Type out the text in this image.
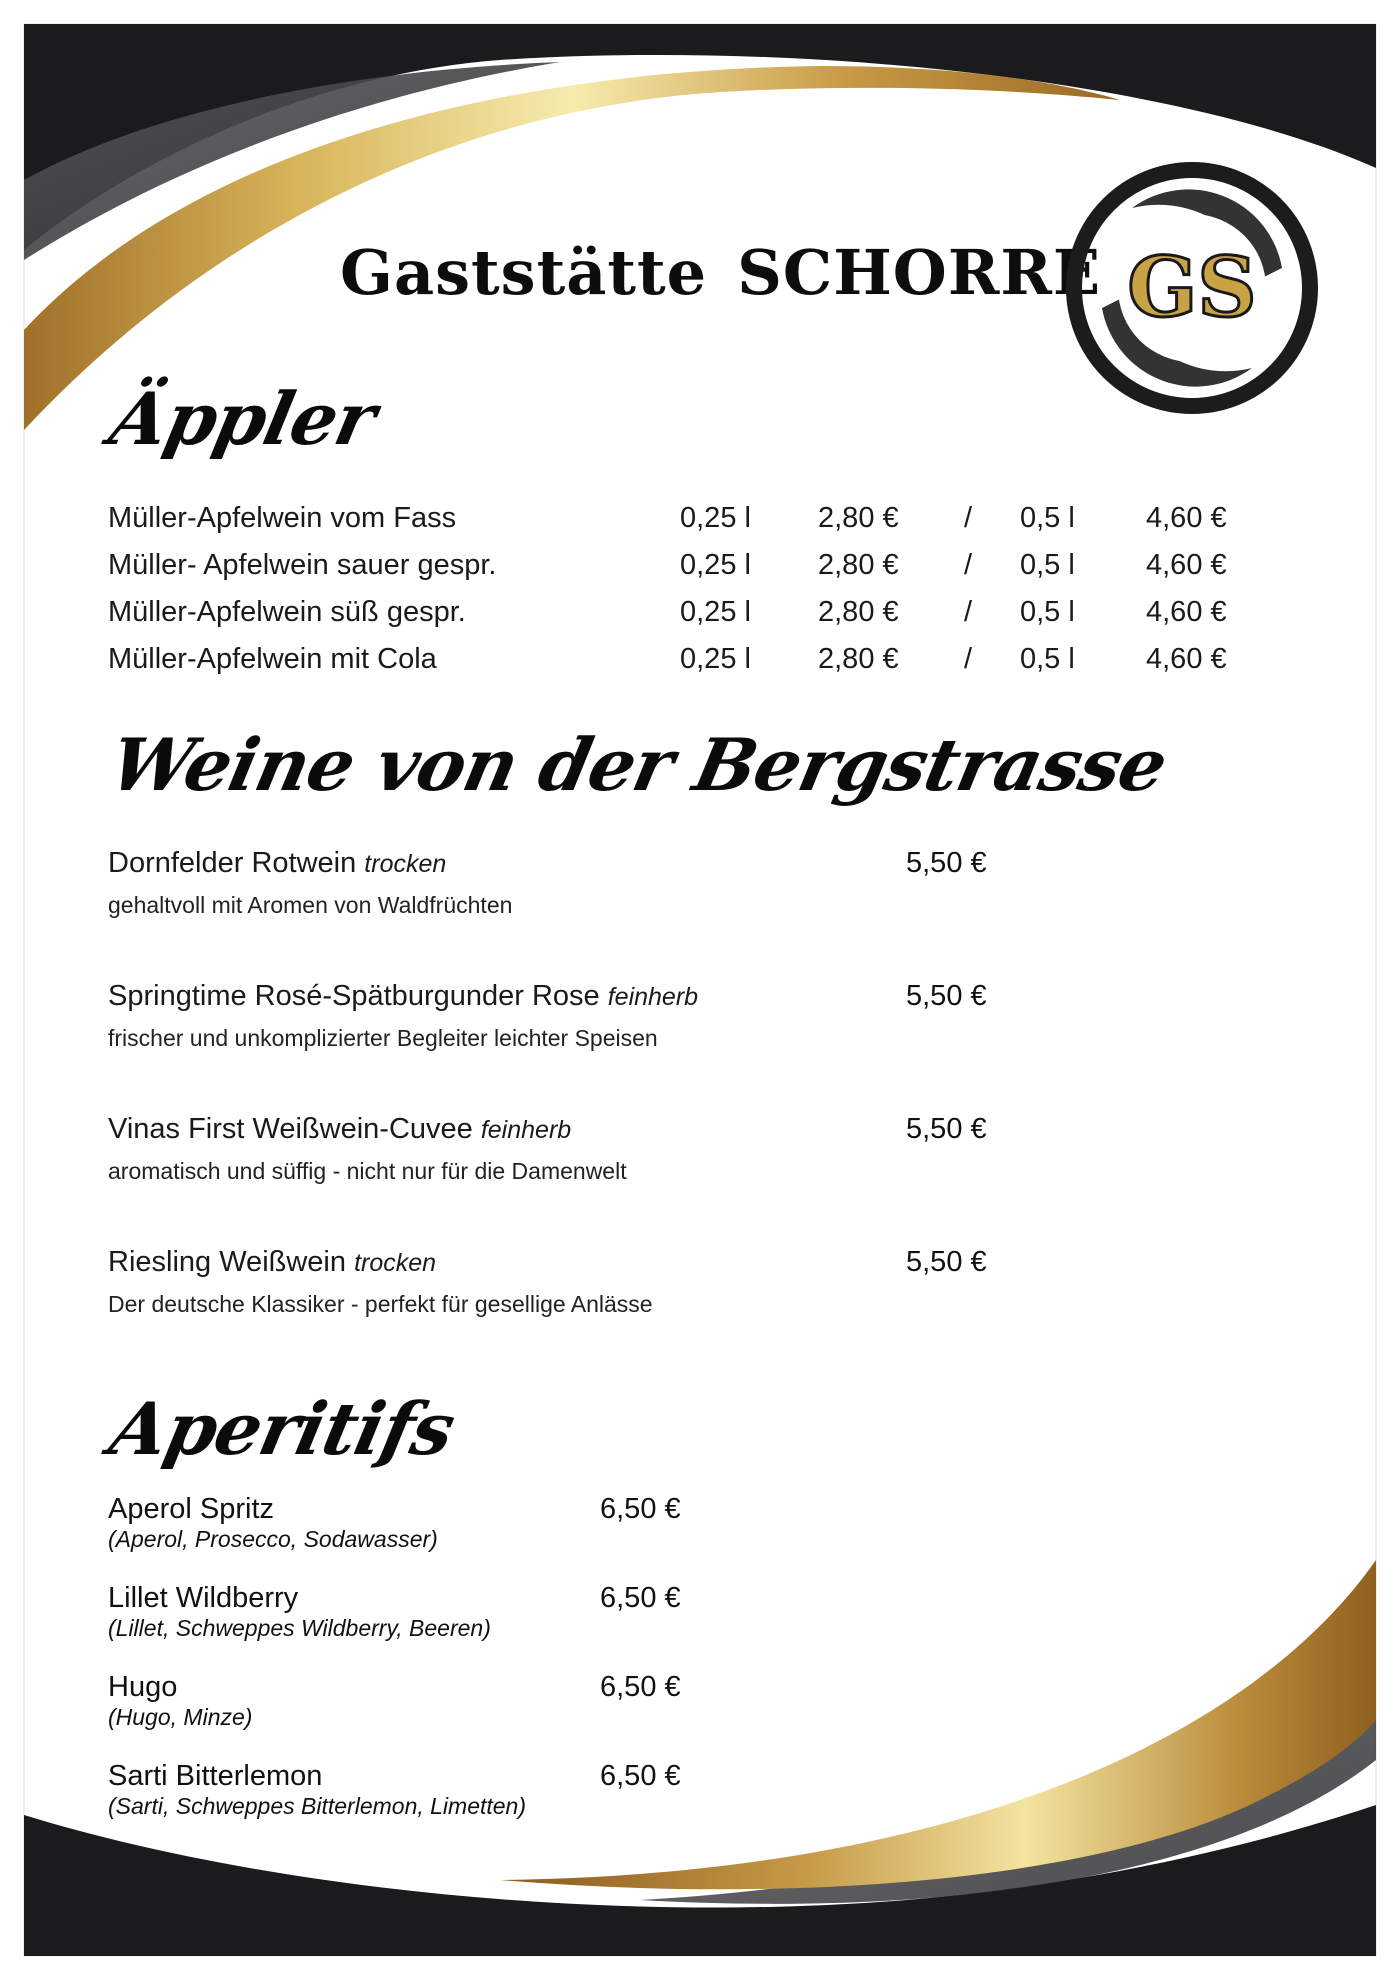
Gaststätte SCHORRE GS
Äppler
Müller-Apfelwein vom Fass	0,25 l 2,80 € / 0,5 l 4,60 €
Müller- Apfelwein sauer gespr.	0,25 l 2,80 € / 0,5 l 4,60 €
Müller-Apfelwein süß gespr.	0,25 l 2,80 € / 0,5 l 4,60 €
Müller-Apfelwein mit Cola	0,25 l 2,80 € / 0,5 l 4,60 €
Weine von der Bergstrasse
Dornfelder Rotwein trocken
gehaltvoll mit Aromen von Waldfrüchten
5,50 €
Springtime Rosé-Spätburgunder Rose feinherb
frischer und unkomplizierter Begleiter leichter Speisen
5,50 €
Vinas First Weißwein-Cuvee feinherb
aromatisch und süffig - nicht nur für die Damenwelt
5,50 €
Riesling Weißwein trocken
Der deutsche Klassiker - perfekt für gesellige Anlässe
5,50 €
Aperitifs
Aperol Spritz
(Aperol, Prosecco, Sodawasser)
6,50 €
Lillet Wildberry
(Lillet, Schweppes Wildberry, Beeren)
6,50 €
Hugo
(Hugo, Minze)
6,50 €
Sarti Bitterlemon
(Sarti, Schweppes Bitterlemon, Limetten)
6,50 €
